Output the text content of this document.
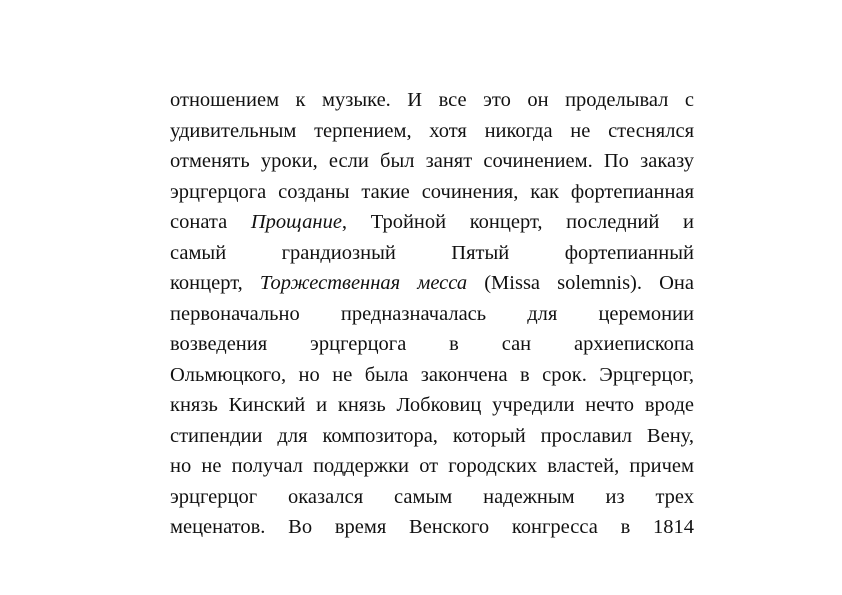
отношением к музыке. И все это он проделывал с
удивительным терпением, хотя никогда не стеснялся
отменять уроки, если был занят сочинением. По заказу
эрцгерцога созданы такие сочинения, как фортепианная
соната Прощание, Тройной концерт, последний и
самый грандиозный Пятый фортепианный
концерт, Торжественная месса (Missa solemnis). Она
первоначально предназначалась для церемонии
возведения эрцгерцога в сан архиепископа
Ольмюцкого, но не была закончена в срок. Эрцгерцог,
князь Кинский и князь Лобковиц учредили нечто вроде
стипендии для композитора, который прославил Вену,
но не получал поддержки от городских властей, причем
эрцгерцог оказался самым надежным из трех
меценатов. Во время Венского конгресса в 1814
